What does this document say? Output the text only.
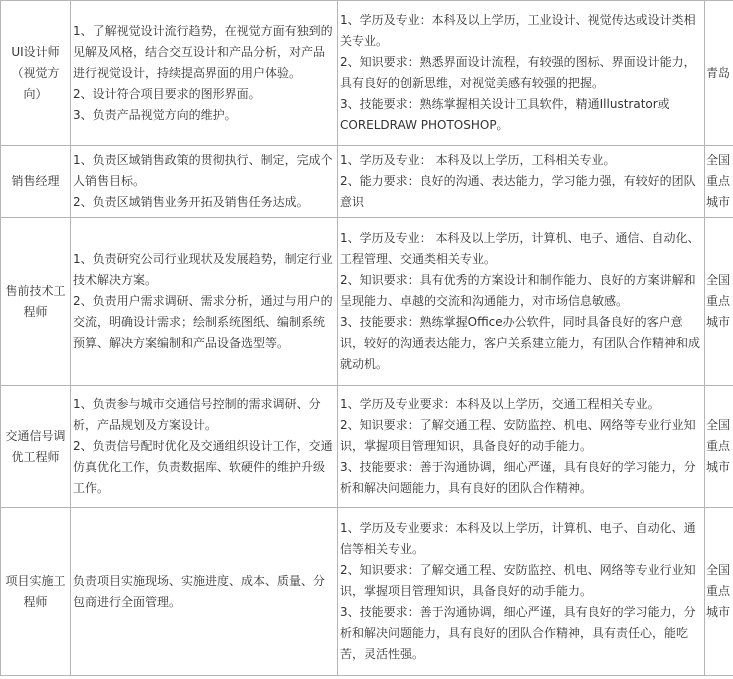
UI设计师（视觉方向）	1、了解视觉设计流行趋势，在视觉方面有独到的见解及风格，结合交互设计和产品分析，对产品进行视觉设计，持续提高界面的用户体验。
2、设计符合项目要求的图形界面。
3、负责产品视觉方向的维护。	1、学历及专业：本科及以上学历，工业设计、视觉传达或设计类相关专业。
2、知识要求：熟悉界面设计流程，有较强的图标、界面设计能力，具有良好的创新思维，对视觉美感有较强的把握。
3、技能要求：熟练掌握相关设计工具软件，精通Illustrator或CORELDRAW PHOTOSHOP。	青岛
销售经理	1、负责区域销售政策的贯彻执行、制定，完成个人销售目标。
2、负责区域销售业务开拓及销售任务达成。	1、学历及专业： 本科及以上学历，工科相关专业。
2、能力要求：良好的沟通、表达能力，学习能力强，有较好的团队意识	全国重点城市
售前技术工程师	1、负责研究公司行业现状及发展趋势，制定行业技术解决方案。
2、负责用户需求调研、需求分析，通过与用户的交流，明确设计需求；绘制系统图纸、编制系统预算、解决方案编制和产品设备选型等。	1、学历及专业： 本科及以上学历，计算机、电子、通信、自动化、工程管理、交通类相关专业。
2、知识要求：具有优秀的方案设计和制作能力、良好的方案讲解和呈现能力、卓越的交流和沟通能力，对市场信息敏感。
3、技能要求：熟练掌握Office办公软件，同时具备良好的客户意识，较好的沟通表达能力，客户关系建立能力，有团队合作精神和成就动机。	全国重点城市
交通信号调优工程师	1、负责参与城市交通信号控制的需求调研、分析，产品规划及方案设计。
2、负责信号配时优化及交通组织设计工作，交通仿真优化工作，负责数据库、软硬件的维护升级工作。	1、学历及专业要求：本科及以上学历，交通工程相关专业。
2、知识要求：了解交通工程、安防监控、机电、网络等专业行业知识，掌握项目管理知识，具备良好的动手能力。
3、技能要求：善于沟通协调，细心严谨，具有良好的学习能力，分析和解决问题能力，具有良好的团队合作精神。	全国重点城市
项目实施工程师	负责项目实施现场、实施进度、成本、质量、分包商进行全面管理。	1、学历及专业要求：本科及以上学历，计算机、电子、自动化、通信等相关专业。
2、知识要求：了解交通工程、安防监控、机电、网络等专业行业知识，掌握项目管理知识，具备良好的动手能力。
3、技能要求：善于沟通协调，细心严谨，具有良好的学习能力，分析和解决问题能力，具有良好的团队合作精神，具有责任心，能吃苦，灵活性强。	全国重点城市
